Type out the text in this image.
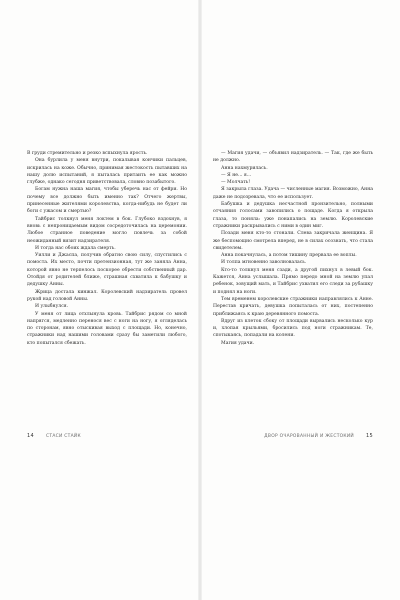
В груди стремительно и резко вспыхнула ярость.

Она бурлила у меня внутри, покалывая кончики пальцев, искрилась на коже. Обычно, принимая жестокость пытавших на нашу долю испытаний, я пыталась притаить ее как можно глубже, однако сегодня приветствовала, словно позабытого.

Богам нужна наша магия, чтобы уберечь нас от фейри. Но почему все должно быть именно так? Отчего жертвы, принесенные жителями королевства, когда-нибудь не будет ли боги с ужасом и смертью?

Тайбрис толкнул меня локтем в бок. Глубоко вздохнув, я вновь с непроницаемым видом сосредоточилась на церемонии. Любое странное поведение могло повлечь за собой неожиданный визит надзирателя.

И тогда нас обоих ждала смерть.

Уилли и Джаспа, получив обратно свою силу, спустились с помоста. Их место, почти претензионная, тут же заняла Анна, которой явно не терпелось поскорее обрести собственный дар. Отойдя от родителей ближе, страшная схватила к бабушку и дедушку Анны.

Жрица достала кинжал. Королевский надзиратель провел рукой над головой Анны.

И улыбнулся.

У меня от лица отхлынула кровь. Тайбрис рядом со мной напрягся, медленно перенося вес с ноги на ногу, я огляделась по сторонам, явно отыскивая выход с площади. Но, конечно, стражники над нашими головами сразу бы заметили любого, кто попытался сбежать.

14	СТАСИ СТАЙК

— Магия удачи, — объявил надзиратель. — Так, где же быть не должно.

Анна нахмурилась.

— Я не... я...

— Молчать!

Я закрыла глаза. Удача — численные магия. Возможно, Анна даже не подозревала, что ее использует.

Бабушка и дедушка несчастной пронзительно, полными отчаяния голосами завопились о пощаде. Когда я открыла глаза, то поняла: уже понапались на землю. Королевские стражники раскрывались с ними в один миг.

Позади меня кто-то стонали. Слева закричала женщина. Я же беспомощно смотрела вперед, не в силах осознать, что стала свидетелем.

Анна покачнулась, а потом тишину прервала ее воплы.

И толпа мгновенно заволновалась.

Кто-то толкнул меня сзади, а другой пихнул в левый бок. Кажется, Анна услышала. Прямо передо мной на землю упал ребенок, зовущий мать, и Тайбрис ухватил его следи за рубашку и поднял на ноги.

Тем временем королевские стражники направлялись к Анне. Перестав кричать, девушка попыталась от них, постепенно приближаясь к краю деревянного помоста.

Вдруг из клеток сбоку от площади вырвались несколько кур и, хлопая крыльями, бросились под ноги стражникам. Те, спотыкаясь, попадали на колени.

Магия удачи.

ДВОР ОЧАРОВАННЫЙ И ЖЕСТОКИЙ 15
